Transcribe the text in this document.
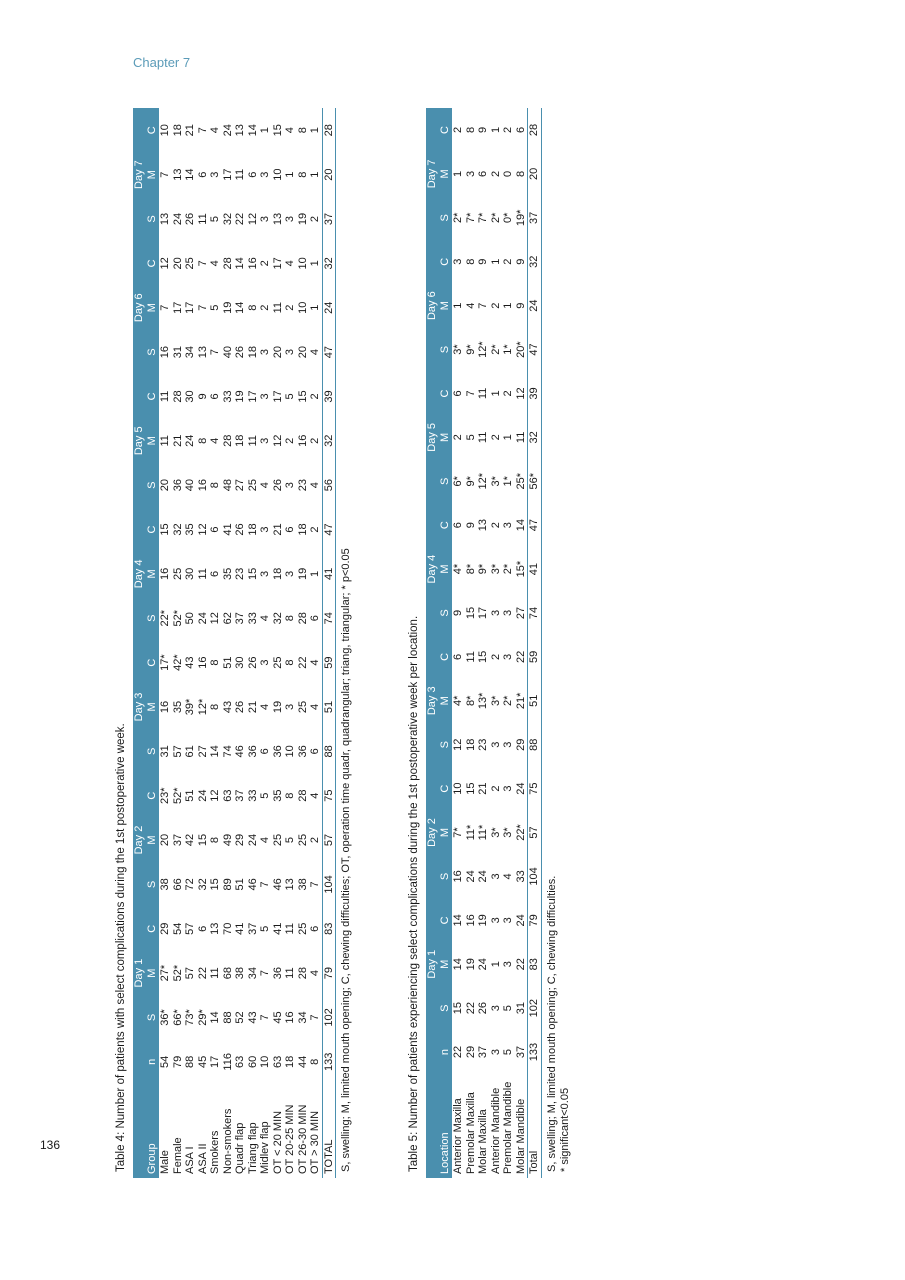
Chapter 7
136	Table 4: Number of patients with select complications during the 1st postoperative week.
		Day 1			Day 2			Day 3			Day 4			Day 5			Day 6			Day 7		
Group	n	S	M	C	S	M	C	S	M	C	S	M	C	S	M	C	S	M	C	S	M	C
Male	54	36*	27*	29	38	20	23*	31	16	17*	22*	16	15	20	11	11	16	7	12	13	7	10
Female	79	66*	52*	54	66	37	52*	57	35	42*	52*	25	32	36	21	28	31	17	20	24	13	18
ASA I	88	73*	57	57	72	42	51	61	39*	43	50	30	35	40	24	30	34	17	25	26	14	21
ASA II	45	29*	22	6	32	15	24	27	12*	16	24	11	12	16	8	9	13	7	7	11	6	7
Smokers	17	14	11	13	15	8	12	14	8	8	12	6	6	8	4	6	7	5	4	5	3	4
Non-smokers	116	88	68	70	89	49	63	74	43	51	62	35	41	48	28	33	40	19	28	32	17	24
Quadr flap	63	52	38	41	51	29	37	46	26	30	37	23	26	27	18	19	26	14	14	22	11	13
Triang flap	60	43	34	37	46	24	33	36	21	26	33	15	18	25	11	17	18	8	16	12	6	14
Midlev flap	10	7	7	5	7	4	5	6	4	3	4	3	3	4	3	3	3	2	2	3	3	1
OT < 20 MIN	63	45	36	41	46	25	35	36	19	25	32	18	21	26	12	17	20	11	17	13	10	15
OT 20-25 MIN	18	16	11	11	13	5	8	10	3	8	8	3	6	3	2	5	3	2	4	3	1	4
OT 26-30 MIN	44	34	28	25	38	25	28	36	25	22	28	19	18	23	16	15	20	10	10	19	8	8
OT > 30 MIN	8	7	4	6	7	2	4	6	4	4	6	1	2	4	2	2	4	1	1	2	1	1
TOTAL	133	102	79	83	104	57	75	88	51	59	74	41	47	56	32	39	47	24	32	37	20	28
S, swelling; M, limited mouth opening; C, chewing difficulties; OT, operation time quadr, quadrangular; triang, triangular; * p<0.05	Table 5: Number of patients experiencing select complications during the 1st postoperative week per location.
		Day 1			Day 2			Day 3			Day 4			Day 5			Day 6			Day 7		
Location	n	S	M	C	S	M	C	S	M	C	S	M	C	S	M	C	S	M	C	S	M	C
Anterior Maxilla	22	15	14	14	16	7*	10	12	4*	6	9	4*	6	6*	2	6	3*	1	3	2*	1	2
Premolar Maxilla	29	22	19	16	24	11*	15	18	8*	11	15	8*	9	9*	5	7	9*	4	8	7*	3	8
Molar Maxilla	37	26	24	19	24	11*	21	23	13*	15	17	9*	13	12*	11	11	12*	7	9	7*	6	9
Anterior Mandible	3	3	1	3	3	3*	2	3	3*	2	3	3*	2	3*	2	1	2*	2	1	2*	2	1
Premolar Mandible	5	5	3	3	4	3*	3	3	2*	3	3	2*	3	1*	1	2	1*	1	2	0*	0	2
Molar Mandible	37	31	22	24	33	22*	24	29	21*	22	27	15*	14	25*	11	12	20*	9	9	19*	8	6
Total	133	102	83	79	104	57	75	88	51	59	74	41	47	56*	32	39	47	24	32	37	20	28
S, swelling; M, limited mouth opening; C, chewing difficulties. * significant<0.05
